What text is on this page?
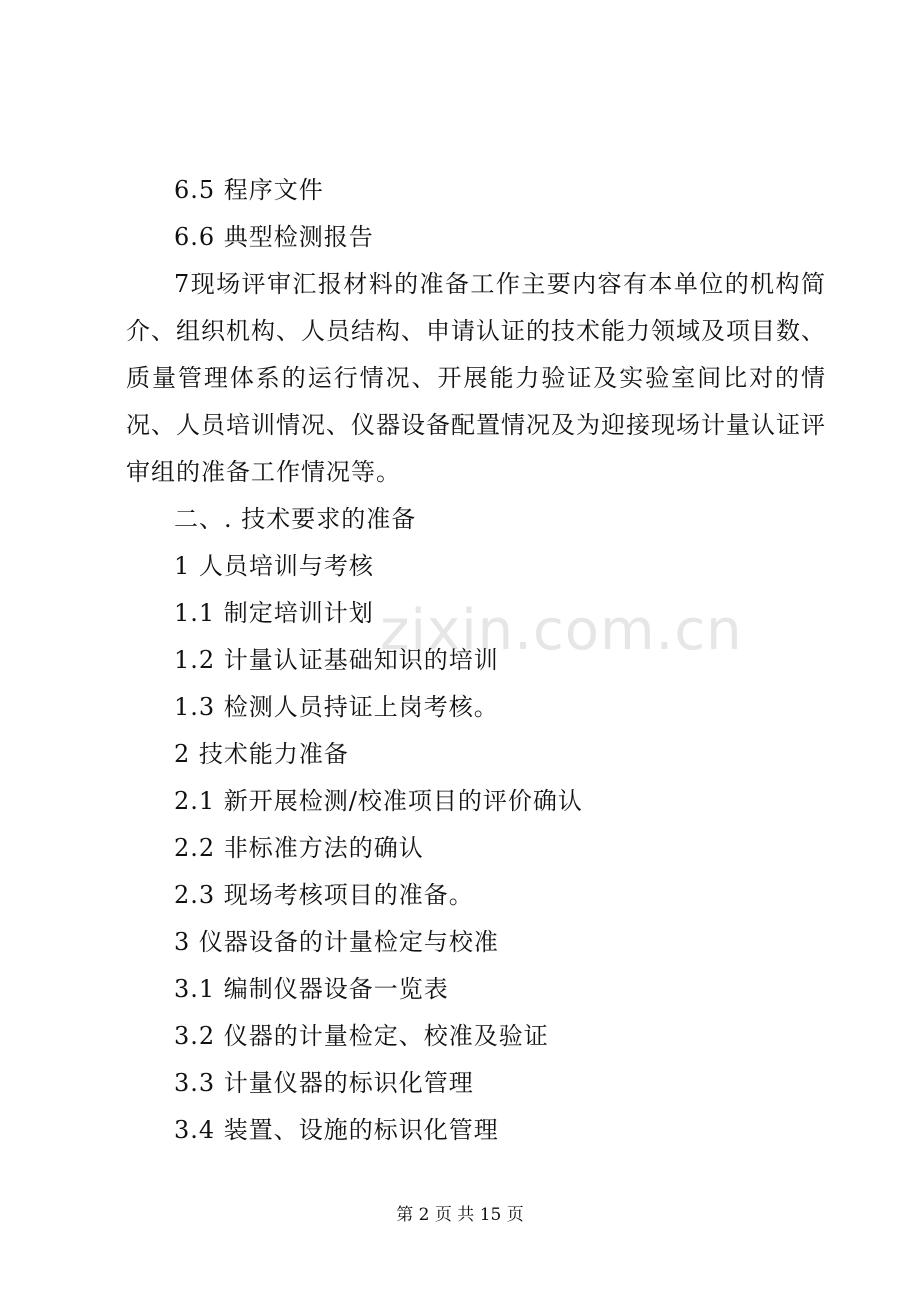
zixin.com.cn

6.5 程序文件

6.6 典型检测报告

7现场评审汇报材料的准备工作主要内容有本单位的机构简介、组织机构、人员结构、申请认证的技术能力领域及项目数、质量管理体系的运行情况、开展能力验证及实验室间比对的情况、人员培训情况、仪器设备配置情况及为迎接现场计量认证评审组的准备工作情况等。

二、. 技术要求的准备

1 人员培训与考核

1.1 制定培训计划

1.2 计量认证基础知识的培训

1.3 检测人员持证上岗考核。

2 技术能力准备

2.1 新开展检测/校准项目的评价确认

2.2 非标准方法的确认

2.3 现场考核项目的准备。

3 仪器设备的计量检定与校准

3.1 编制仪器设备一览表

3.2 仪器的计量检定、校准及验证

3.3 计量仪器的标识化管理

3.4 装置、设施的标识化管理

第 2 页 共 15 页
